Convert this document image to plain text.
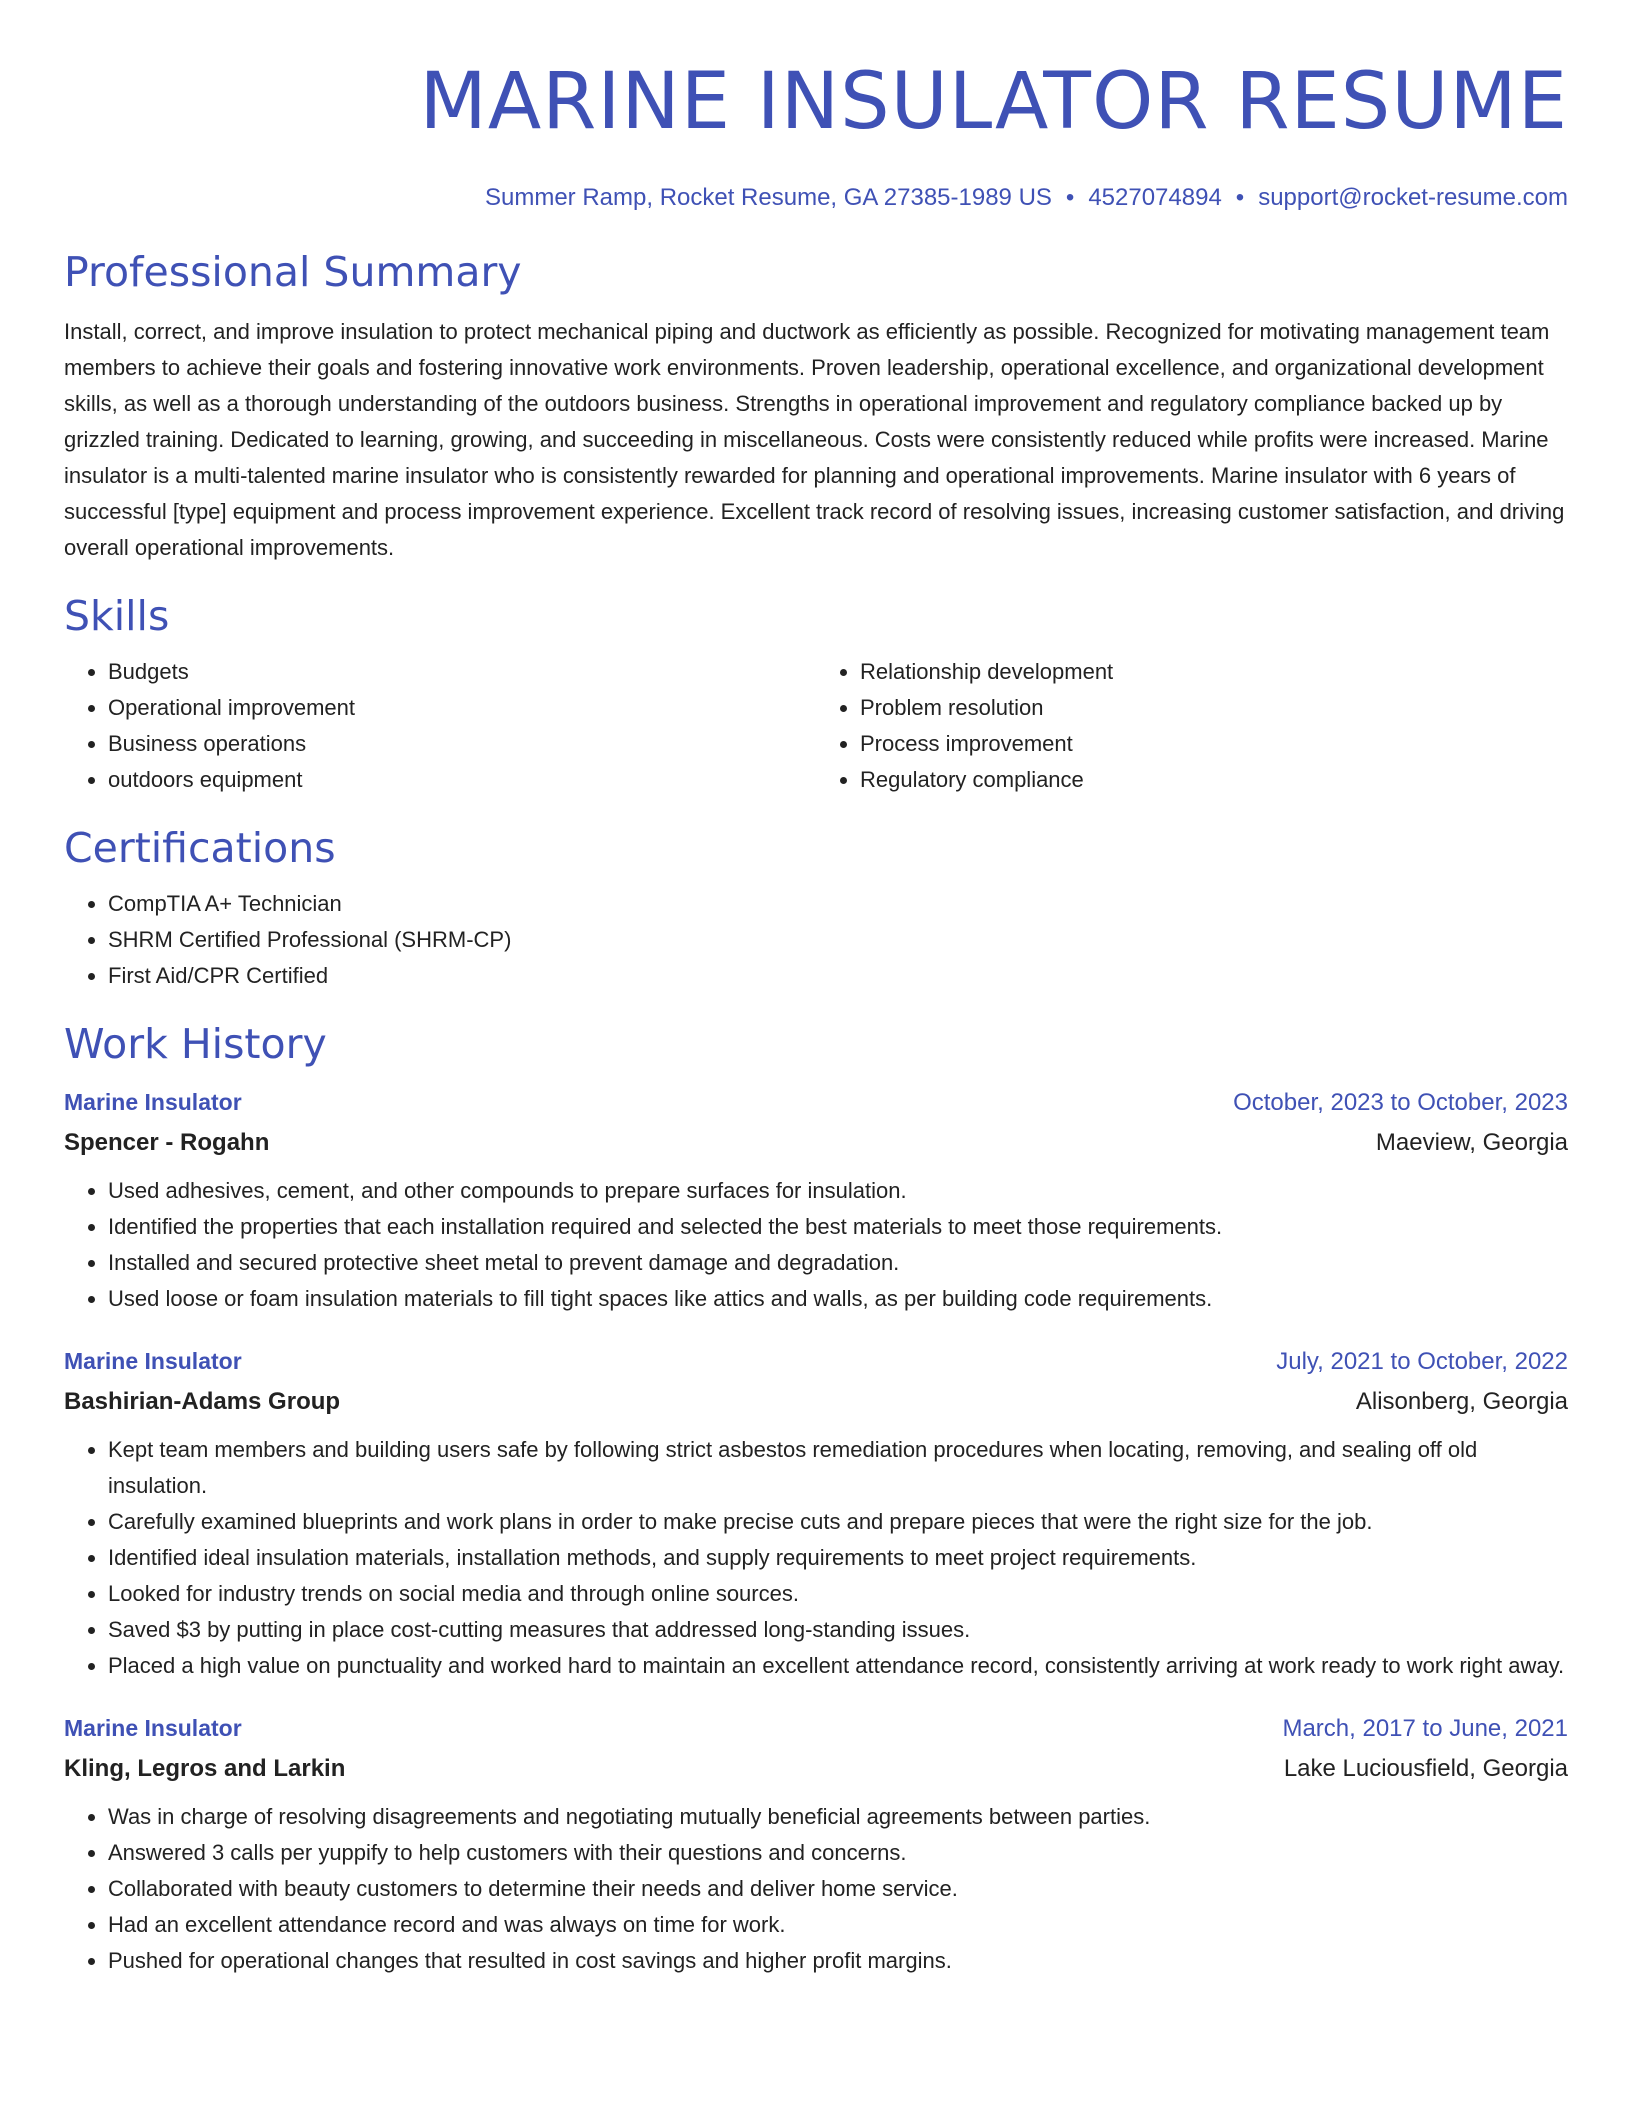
MARINE INSULATOR RESUME
Summer Ramp, Rocket Resume, GA 27385-1989 US • 4527074894 • support@rocket-resume.com
Professional Summary

Install, correct, and improve insulation to protect mechanical piping and ductwork as efficiently as possible. Recognized for motivating management team members to achieve their goals and fostering innovative work environments. Proven leadership, operational excellence, and organizational development skills, as well as a thorough understanding of the outdoors business. Strengths in operational improvement and regulatory compliance backed up by grizzled training. Dedicated to learning, growing, and succeeding in miscellaneous. Costs were consistently reduced while profits were increased. Marine insulator is a multi-talented marine insulator who is consistently rewarded for planning and operational improvements. Marine insulator with 6 years of successful [type] equipment and process improvement experience. Excellent track record of resolving issues, increasing customer satisfaction, and driving overall operational improvements.

Skills
• Budgets
• Operational improvement
• Business operations
• outdoors equipment
• Relationship development
• Problem resolution
• Process improvement
• Regulatory compliance
Certifications
• CompTIA A+ Technician
• SHRM Certified Professional (SHRM-CP)
• First Aid/CPR Certified
Work History
Marine Insulator	October, 2023 to October, 2023
Spencer - Rogahn	Maeview, Georgia
• Used adhesives, cement, and other compounds to prepare surfaces for insulation.
• Identified the properties that each installation required and selected the best materials to meet those requirements.
• Installed and secured protective sheet metal to prevent damage and degradation.
• Used loose or foam insulation materials to fill tight spaces like attics and walls, as per building code requirements.
Marine Insulator	July, 2021 to October, 2022
Bashirian-Adams Group	Alisonberg, Georgia
• Kept team members and building users safe by following strict asbestos remediation procedures when locating, removing, and sealing off old insulation.
• Carefully examined blueprints and work plans in order to make precise cuts and prepare pieces that were the right size for the job.
• Identified ideal insulation materials, installation methods, and supply requirements to meet project requirements.
• Looked for industry trends on social media and through online sources.
• Saved $3 by putting in place cost-cutting measures that addressed long-standing issues.
• Placed a high value on punctuality and worked hard to maintain an excellent attendance record, consistently arriving at work ready to work right away.
Marine Insulator	March, 2017 to June, 2021
Kling, Legros and Larkin	Lake Luciousfield, Georgia
• Was in charge of resolving disagreements and negotiating mutually beneficial agreements between parties.
• Answered 3 calls per yuppify to help customers with their questions and concerns.
• Collaborated with beauty customers to determine their needs and deliver home service.
• Had an excellent attendance record and was always on time for work.
• Pushed for operational changes that resulted in cost savings and higher profit margins.
